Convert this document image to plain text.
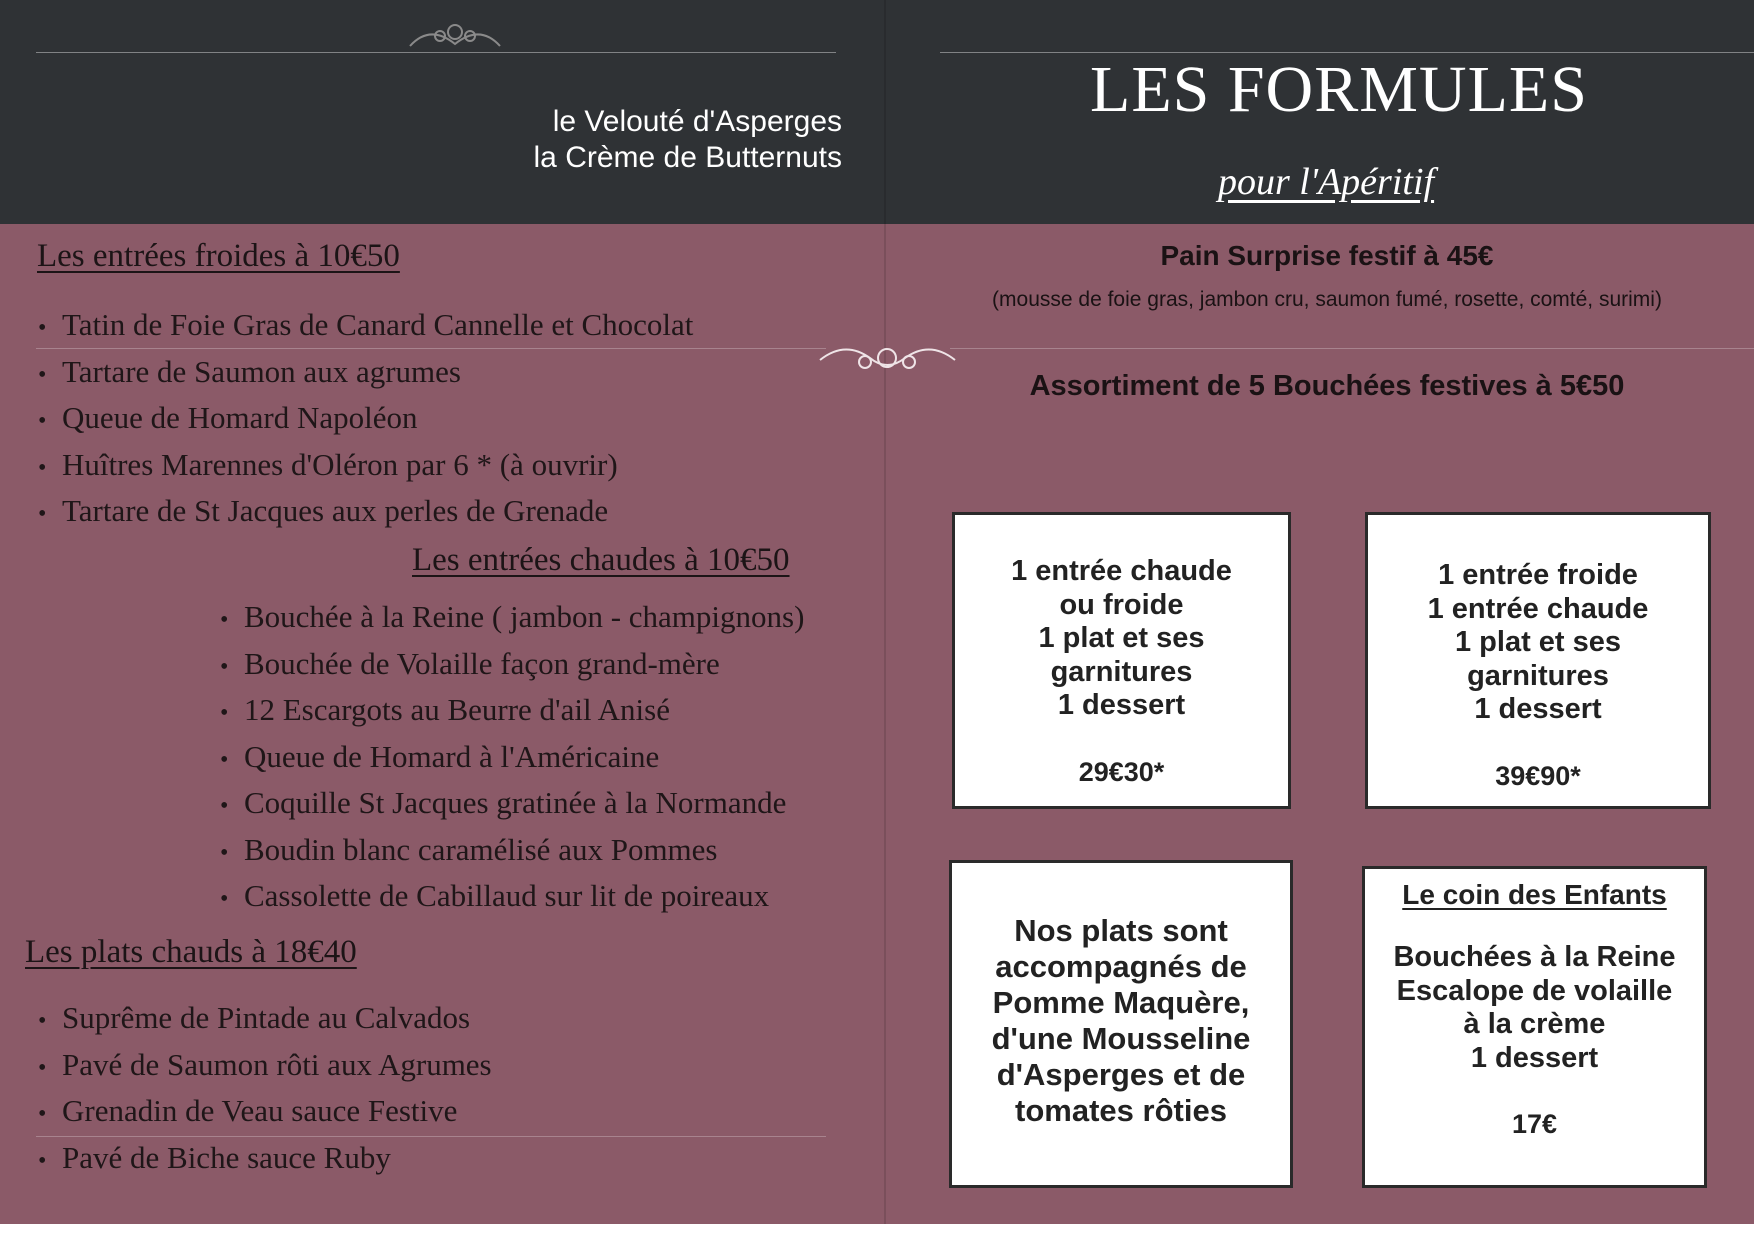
le Velouté d'Asperges
la Crème de Butternuts
Les entrées froides à 10€50
• Tatin de Foie Gras de Canard Cannelle et Chocolat
• Tartare de Saumon aux agrumes
• Queue de Homard Napoléon
• Huîtres Marennes d'Oléron par 6 * (à ouvrir)
• Tartare de St Jacques aux perles de Grenade
Les entrées chaudes à 10€50
• Bouchée à la Reine ( jambon - champignons)
• Bouchée de Volaille façon grand-mère
• 12 Escargots au Beurre d'ail Anisé
• Queue de Homard à l'Américaine
• Coquille St Jacques gratinée à la Normande
• Boudin blanc caramélisé aux Pommes
• Cassolette de Cabillaud sur lit de poireaux
Les plats chauds à 18€40
• Suprême de Pintade au Calvados
• Pavé de Saumon rôti aux Agrumes
• Grenadin de Veau sauce Festive
• Pavé de Biche sauce Ruby
LES FORMULES
pour l'Apéritif
Pain Surprise festif à 45€
(mousse de foie gras, jambon cru, saumon fumé, rosette, comté, surimi)
Assortiment de 5 Bouchées festives à 5€50
1 entrée chaude
ou froide
1 plat et ses
garnitures
1 dessert
29€30*
1 entrée froide
1 entrée chaude
1 plat et ses
garnitures
1 dessert
39€90*
Nos plats sont
accompagnés de
Pomme Maquère,
d'une Mousseline
d'Asperges et de
tomates rôties
Le coin des Enfants
Bouchées à la Reine
Escalope de volaille
à la crème
1 dessert
17€
